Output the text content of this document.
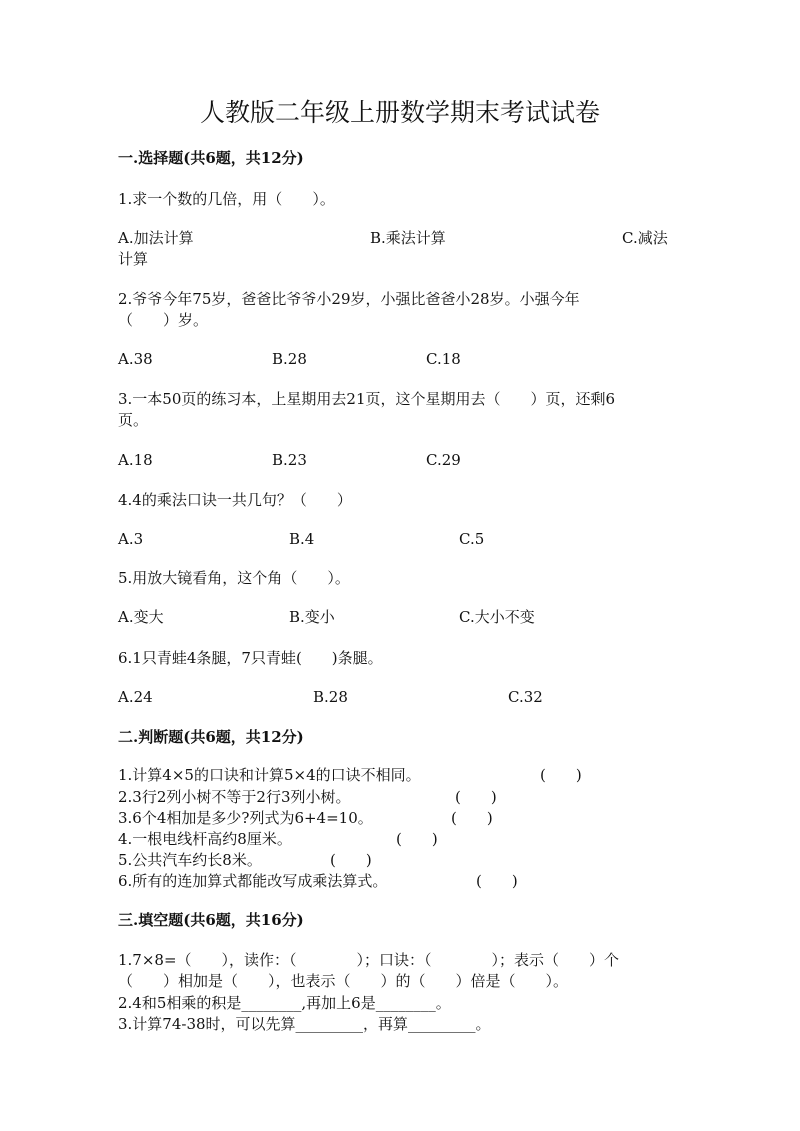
人教版二年级上册数学期末考试试卷
一.选择题(共6题，共12分)
1.求一个数的几倍，用（　　）。
A.加法计算	B.乘法计算	C.减法
计算
2.爷爷今年75岁，爸爸比爷爷小29岁，小强比爸爸小28岁。小强今年
（　　）岁。
A.38	B.28	C.18
3.一本50页的练习本，上星期用去21页，这个星期用去（　　）页，还剩6
页。
A.18	B.23	C.29
4.4的乘法口诀一共几句？（　　）
A.3	B.4	C.5
5.用放大镜看角，这个角（　　）。
A.变大	B.变小	C.大小不变
6.1只青蛙4条腿，7只青蛙(　　)条腿。
A.24	B.28	C.32
二.判断题(共6题，共12分)
1.计算4×5的口诀和计算5×4的口诀不相同。	(　　)
2.3行2列小树不等于2行3列小树。	(　　)
3.6个4相加是多少?列式为6+4=10。	(　　)
4.一根电线杆高约8厘米。	(　　)
5.公共汽车约长8米。	(　　)
6.所有的连加算式都能改写成乘法算式。	(　　)
三.填空题(共6题，共16分)
1.7×8=（　　），读作：（　　　　）；口诀：（　　　　）；表示（　　）个
（　　）相加是（　　），也表示（　　）的（　　）倍是（　　）。
2.4和5相乘的积是________,再加上6是________。
3.计算74-38时，可以先算_________，再算_________。
